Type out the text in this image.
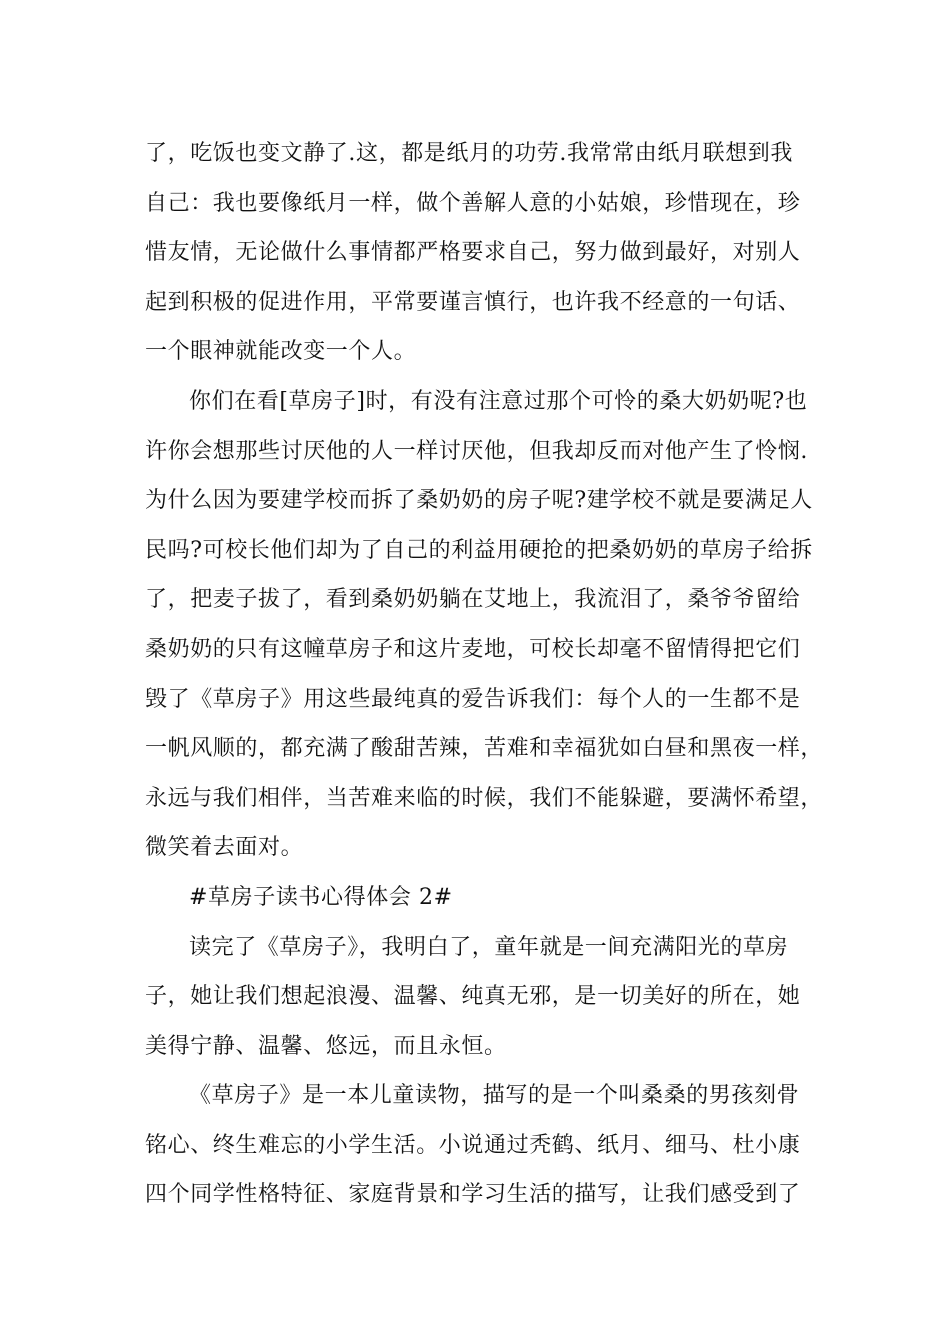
了，吃饭也变文静了.这，都是纸月的功劳.我常常由纸月联想到我
自己：我也要像纸月一样，做个善解人意的小姑娘，珍惜现在，珍
惜友情，无论做什么事情都严格要求自己，努力做到最好，对别人
起到积极的促进作用，平常要谨言慎行，也许我不经意的一句话、
一个眼神就能改变一个人。
你们在看[草房子]时，有没有注意过那个可怜的桑大奶奶呢?也
许你会想那些讨厌他的人一样讨厌他，但我却反而对他产生了怜悯.
为什么因为要建学校而拆了桑奶奶的房子呢?建学校不就是要满足人
民吗?可校长他们却为了自己的利益用硬抢的把桑奶奶的草房子给拆
了，把麦子拔了，看到桑奶奶躺在艾地上，我流泪了，桑爷爷留给
桑奶奶的只有这幢草房子和这片麦地，可校长却毫不留情得把它们
毁了《草房子》用这些最纯真的爱告诉我们：每个人的一生都不是
一帆风顺的，都充满了酸甜苦辣，苦难和幸福犹如白昼和黑夜一样，
永远与我们相伴，当苦难来临的时候，我们不能躲避，要满怀希望，
微笑着去面对。
#草房子读书心得体会 2#
读完了《草房子》，我明白了，童年就是一间充满阳光的草房
子，她让我们想起浪漫、温馨、纯真无邪，是一切美好的所在，她
美得宁静、温馨、悠远，而且永恒。
《草房子》是一本儿童读物，描写的是一个叫桑桑的男孩刻骨
铭心、终生难忘的小学生活。小说通过秃鹤、纸月、细马、杜小康
四个同学性格特征、家庭背景和学习生活的描写，让我们感受到了
